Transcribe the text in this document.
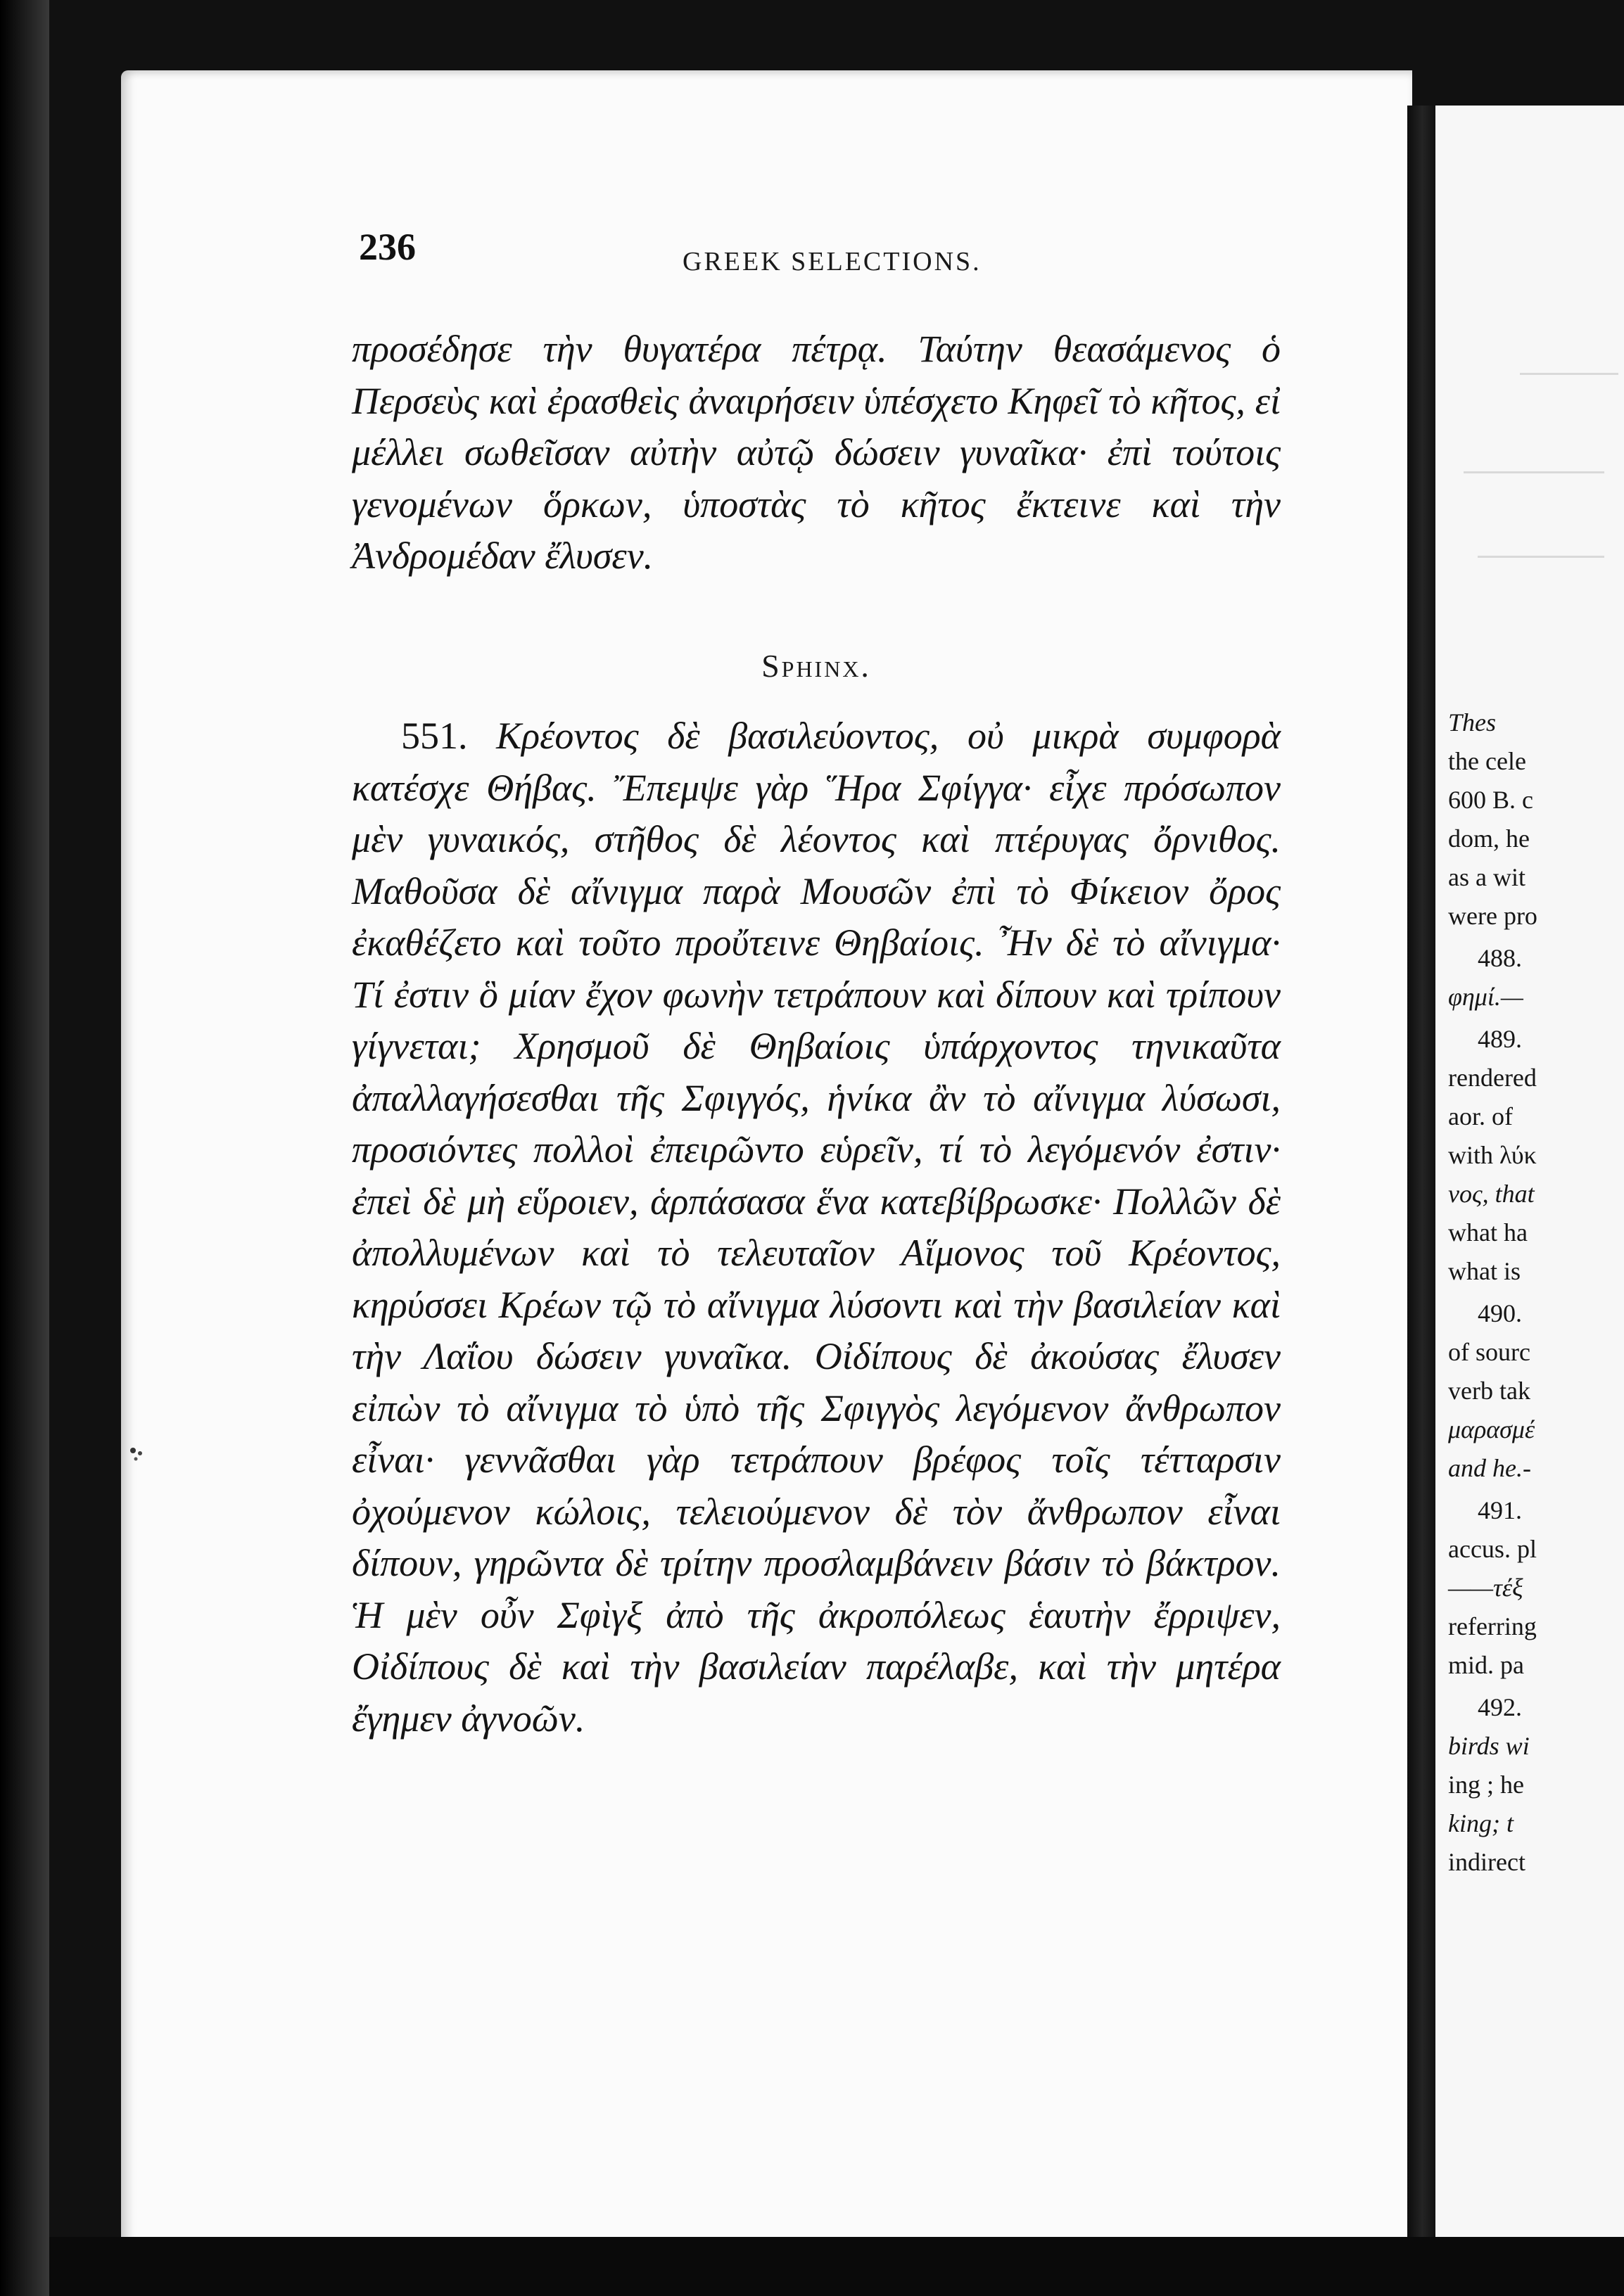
Thes
the cele
600 B. c
dom, he
as a wit
were pro
488.
φημί.—
489.
rendered
aor. of
with λύκ
νος, that
what ha
what is
490.
of sourc
verb tak
μαρασμέ
and he.-
491.
accus. pl
——τέξ
referring
mid. pa
492.
birds wi
ing ; he
king; t
indirect
236	GREEK SELECTIONS.
προσέδησε τὴν θυγατέρα πέτρᾳ. Ταύτην θεασάμενος ὁ Περσεὺς καὶ ἐρασθεὶς ἀναιρήσειν ὑπέσχετο Κηφεῖ τὸ κῆτος, εἰ μέλλει σωθεῖσαν αὐτὴν αὐτῷ δώσειν γυναῖκα· ἐπὶ τούτοις γενομένων ὅρκων, ὑποστὰς τὸ κῆτος ἔκτεινε καὶ τὴν Ἀνδρομέδαν ἔλυσεν.
Sphinx.
551. Κρέοντος δὲ βασιλεύοντος, οὐ μικρὰ συμφορὰ κατέσχε Θήβας. Ἔπεμψε γὰρ Ἥρα Σφίγγα· εἶχε πρόσωπον μὲν γυναικός, στῆθος δὲ λέοντος καὶ πτέρυγας ὄρνιθος. Μαθοῦσα δὲ αἴνιγμα παρὰ Μουσῶν ἐπὶ τὸ Φίκειον ὄρος ἐκαθέζετο καὶ τοῦτο προὔτεινε Θηβαίοις. Ἦν δὲ τὸ αἴνιγμα· Τί ἐστιν ὃ μίαν ἔχον φωνὴν τετράπουν καὶ δίπουν καὶ τρίπουν γίγνεται; Χρησμοῦ δὲ Θηβαίοις ὑπάρχοντος τηνικαῦτα ἀπαλλαγήσεσθαι τῆς Σφιγγός, ἡνίκα ἂν τὸ αἴνιγμα λύσωσι, προσιόντες πολλοὶ ἐπειρῶντο εὑρεῖν, τί τὸ λεγόμενόν ἐστιν· ἐπεὶ δὲ μὴ εὕροιεν, ἁρπάσασα ἕνα κατεβίβρωσκε· Πολλῶν δὲ ἀπολλυμένων καὶ τὸ τελευταῖον Αἵμονος τοῦ Κρέοντος, κηρύσσει Κρέων τῷ τὸ αἴνιγμα λύσοντι καὶ τὴν βασιλείαν καὶ τὴν Λαΐου δώσειν γυναῖκα. Οἰδίπους δὲ ἀκούσας ἔλυσεν εἰπὼν τὸ αἴνιγμα τὸ ὑπὸ τῆς Σφιγγὸς λεγόμενον ἄνθρωπον εἶναι· γεννᾶσθαι γὰρ τετράπουν βρέφος τοῖς τέτταρσιν ὀχούμενον κώλοις, τελειούμενον δὲ τὸν ἄνθρωπον εἶναι δίπουν, γηρῶντα δὲ τρίτην προσλαμβάνειν βάσιν τὸ βάκτρον. Ἡ μὲν οὖν Σφὶγξ ἀπὸ τῆς ἀκροπόλεως ἑαυτὴν ἔρριψεν, Οἰδίπους δὲ καὶ τὴν βασιλείαν παρέλαβε, καὶ τὴν μητέρα ἔγημεν ἀγνοῶν.
